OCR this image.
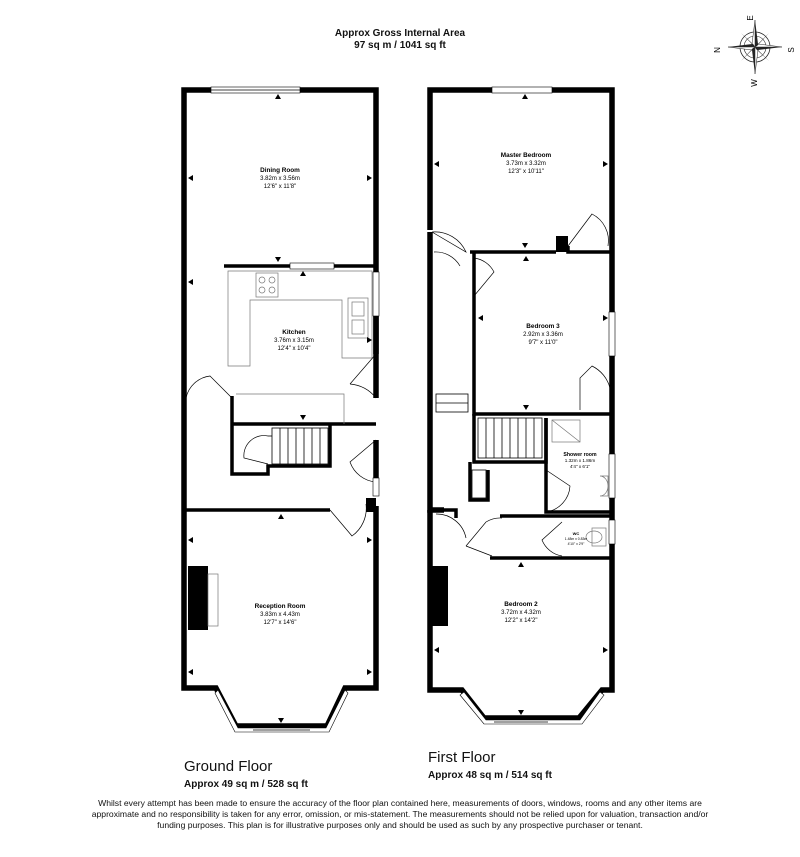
Approx Gross Internal Area
97 sq m / 1041 sq ft
E
N	S
W
Dining Room
3.82m x 3.56m
12'6" x 11'8"
Kitchen
3.76m x 3.15m
12'4" x 10'4"
Reception Room
3.83m x 4.43m
12'7" x 14'6"
Master Bedroom
3.73m x 3.32m
12'3" x 10'11"
Bedroom 3
2.92m x 3.36m
9'7" x 11'0"
Shower room
1.32m x 1.86m
4'4" x 6'1"
WC
1.48m x 0.83m
4'10" x 2'9"
Bedroom 2
3.72m x 4.32m
12'2" x 14'2"
Ground Floor
Approx 49 sq m / 528 sq ft
First Floor
Approx 48 sq m / 514 sq ft
Whilst every attempt has been made to ensure the accuracy of the floor plan contained here, measurements of doors, windows, rooms and any other items are approximate and no responsibility is taken for any error, omission, or mis-statement. The measurements should not be relied upon for valuation, transaction and/or funding purposes. This plan is for illustrative purposes only and should be used as such by any prospective purchaser or tenant.
